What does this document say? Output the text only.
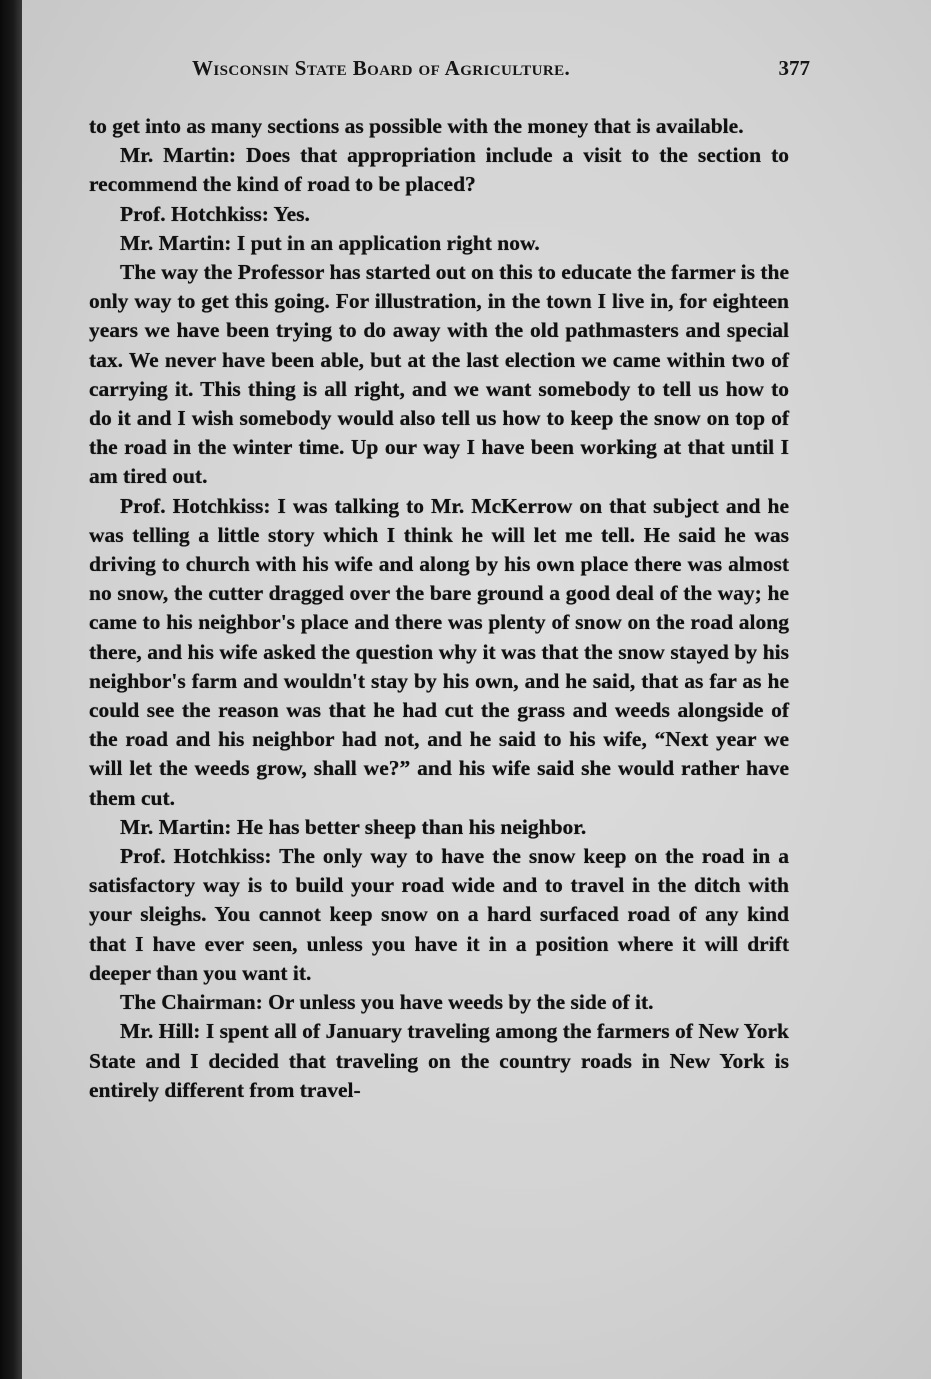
Wisconsin State Board of Agriculture.	377

to get into as many sections as possible with the money that is available.

Mr. Martin: Does that appropriation include a visit to the section to recommend the kind of road to be placed?

Prof. Hotchkiss: Yes.

Mr. Martin: I put in an application right now.

The way the Professor has started out on this to educate the farmer is the only way to get this going. For illustration, in the town I live in, for eighteen years we have been trying to do away with the old pathmasters and special tax. We never have been able, but at the last election we came within two of carrying it. This thing is all right, and we want somebody to tell us how to do it and I wish somebody would also tell us how to keep the snow on top of the road in the winter time. Up our way I have been working at that until I am tired out.

Prof. Hotchkiss: I was talking to Mr. McKerrow on that subject and he was telling a little story which I think he will let me tell. He said he was driving to church with his wife and along by his own place there was almost no snow, the cutter dragged over the bare ground a good deal of the way; he came to his neighbor's place and there was plenty of snow on the road along there, and his wife asked the question why it was that the snow stayed by his neighbor's farm and wouldn't stay by his own, and he said, that as far as he could see the reason was that he had cut the grass and weeds alongside of the road and his neighbor had not, and he said to his wife, “Next year we will let the weeds grow, shall we?” and his wife said she would rather have them cut.

Mr. Martin: He has better sheep than his neighbor.

Prof. Hotchkiss: The only way to have the snow keep on the road in a satisfactory way is to build your road wide and to travel in the ditch with your sleighs. You cannot keep snow on a hard surfaced road of any kind that I have ever seen, unless you have it in a position where it will drift deeper than you want it.

The Chairman: Or unless you have weeds by the side of it.

Mr. Hill: I spent all of January traveling among the farmers of New York State and I decided that traveling on the country roads in New York is entirely different from travel-
